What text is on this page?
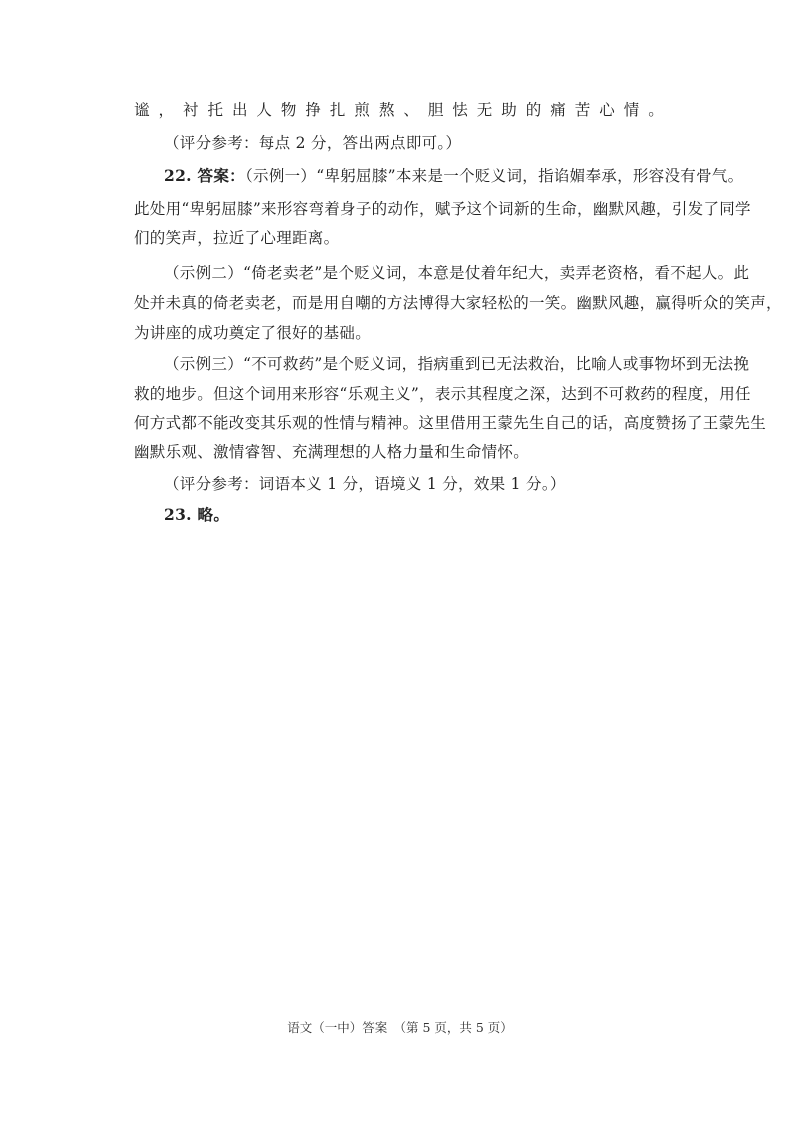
谧，衬托出人物挣扎煎熬、胆怯无助的痛苦心情。
（评分参考：每点 2 分，答出两点即可。）
22. 答案：（示例一）“卑躬屈膝”本来是一个贬义词，指谄媚奉承，形容没有骨气。
此处用“卑躬屈膝”来形容弯着身子的动作，赋予这个词新的生命，幽默风趣，引发了同学
们的笑声，拉近了心理距离。
（示例二）“倚老卖老”是个贬义词，本意是仗着年纪大，卖弄老资格，看不起人。此
处并未真的倚老卖老，而是用自嘲的方法博得大家轻松的一笑。幽默风趣，赢得听众的笑声，
为讲座的成功奠定了很好的基础。
（示例三）“不可救药”是个贬义词，指病重到已无法救治，比喻人或事物坏到无法挽
救的地步。但这个词用来形容“乐观主义”，表示其程度之深，达到不可救药的程度，用任
何方式都不能改变其乐观的性情与精神。这里借用王蒙先生自己的话，高度赞扬了王蒙先生
幽默乐观、激情睿智、充满理想的人格力量和生命情怀。
（评分参考：词语本义 1 分，语境义 1 分，效果 1 分。）
23. 略。
语文（一中）答案　（第 5 页，共 5 页）
